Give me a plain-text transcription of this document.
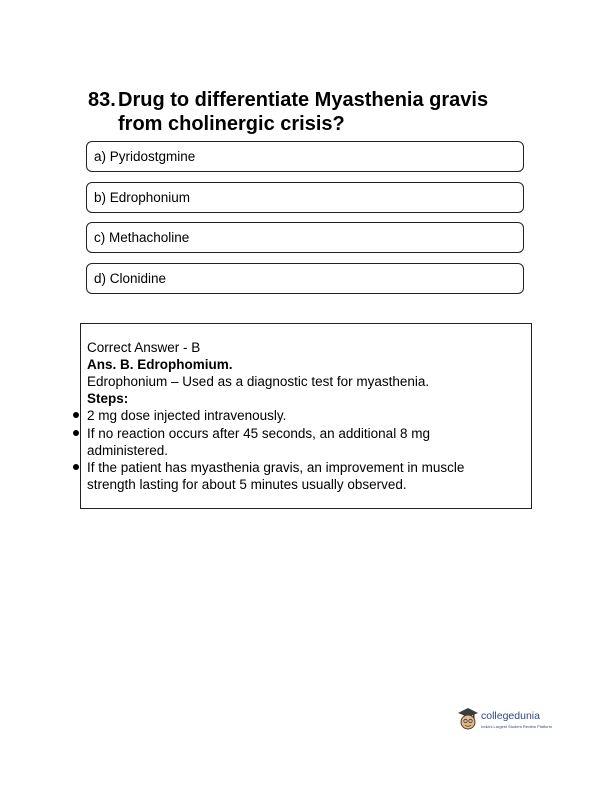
83. Drug to differentiate Myasthenia gravis from cholinergic crisis?
a) Pyridostgmine
b) Edrophonium
c) Methacholine
d) Clonidine
Correct Answer - B
Ans. B. Edrophomium.
Edrophonium – Used as a diagnostic test for myasthenia.
Steps:
2 mg dose injected intravenously.
If no reaction occurs after 45 seconds, an additional 8 mg
administered.
If the patient has myasthenia gravis, an improvement in muscle
strength lasting for about 5 minutes usually observed.
collegedunia
India's Largest Student Review Platform
